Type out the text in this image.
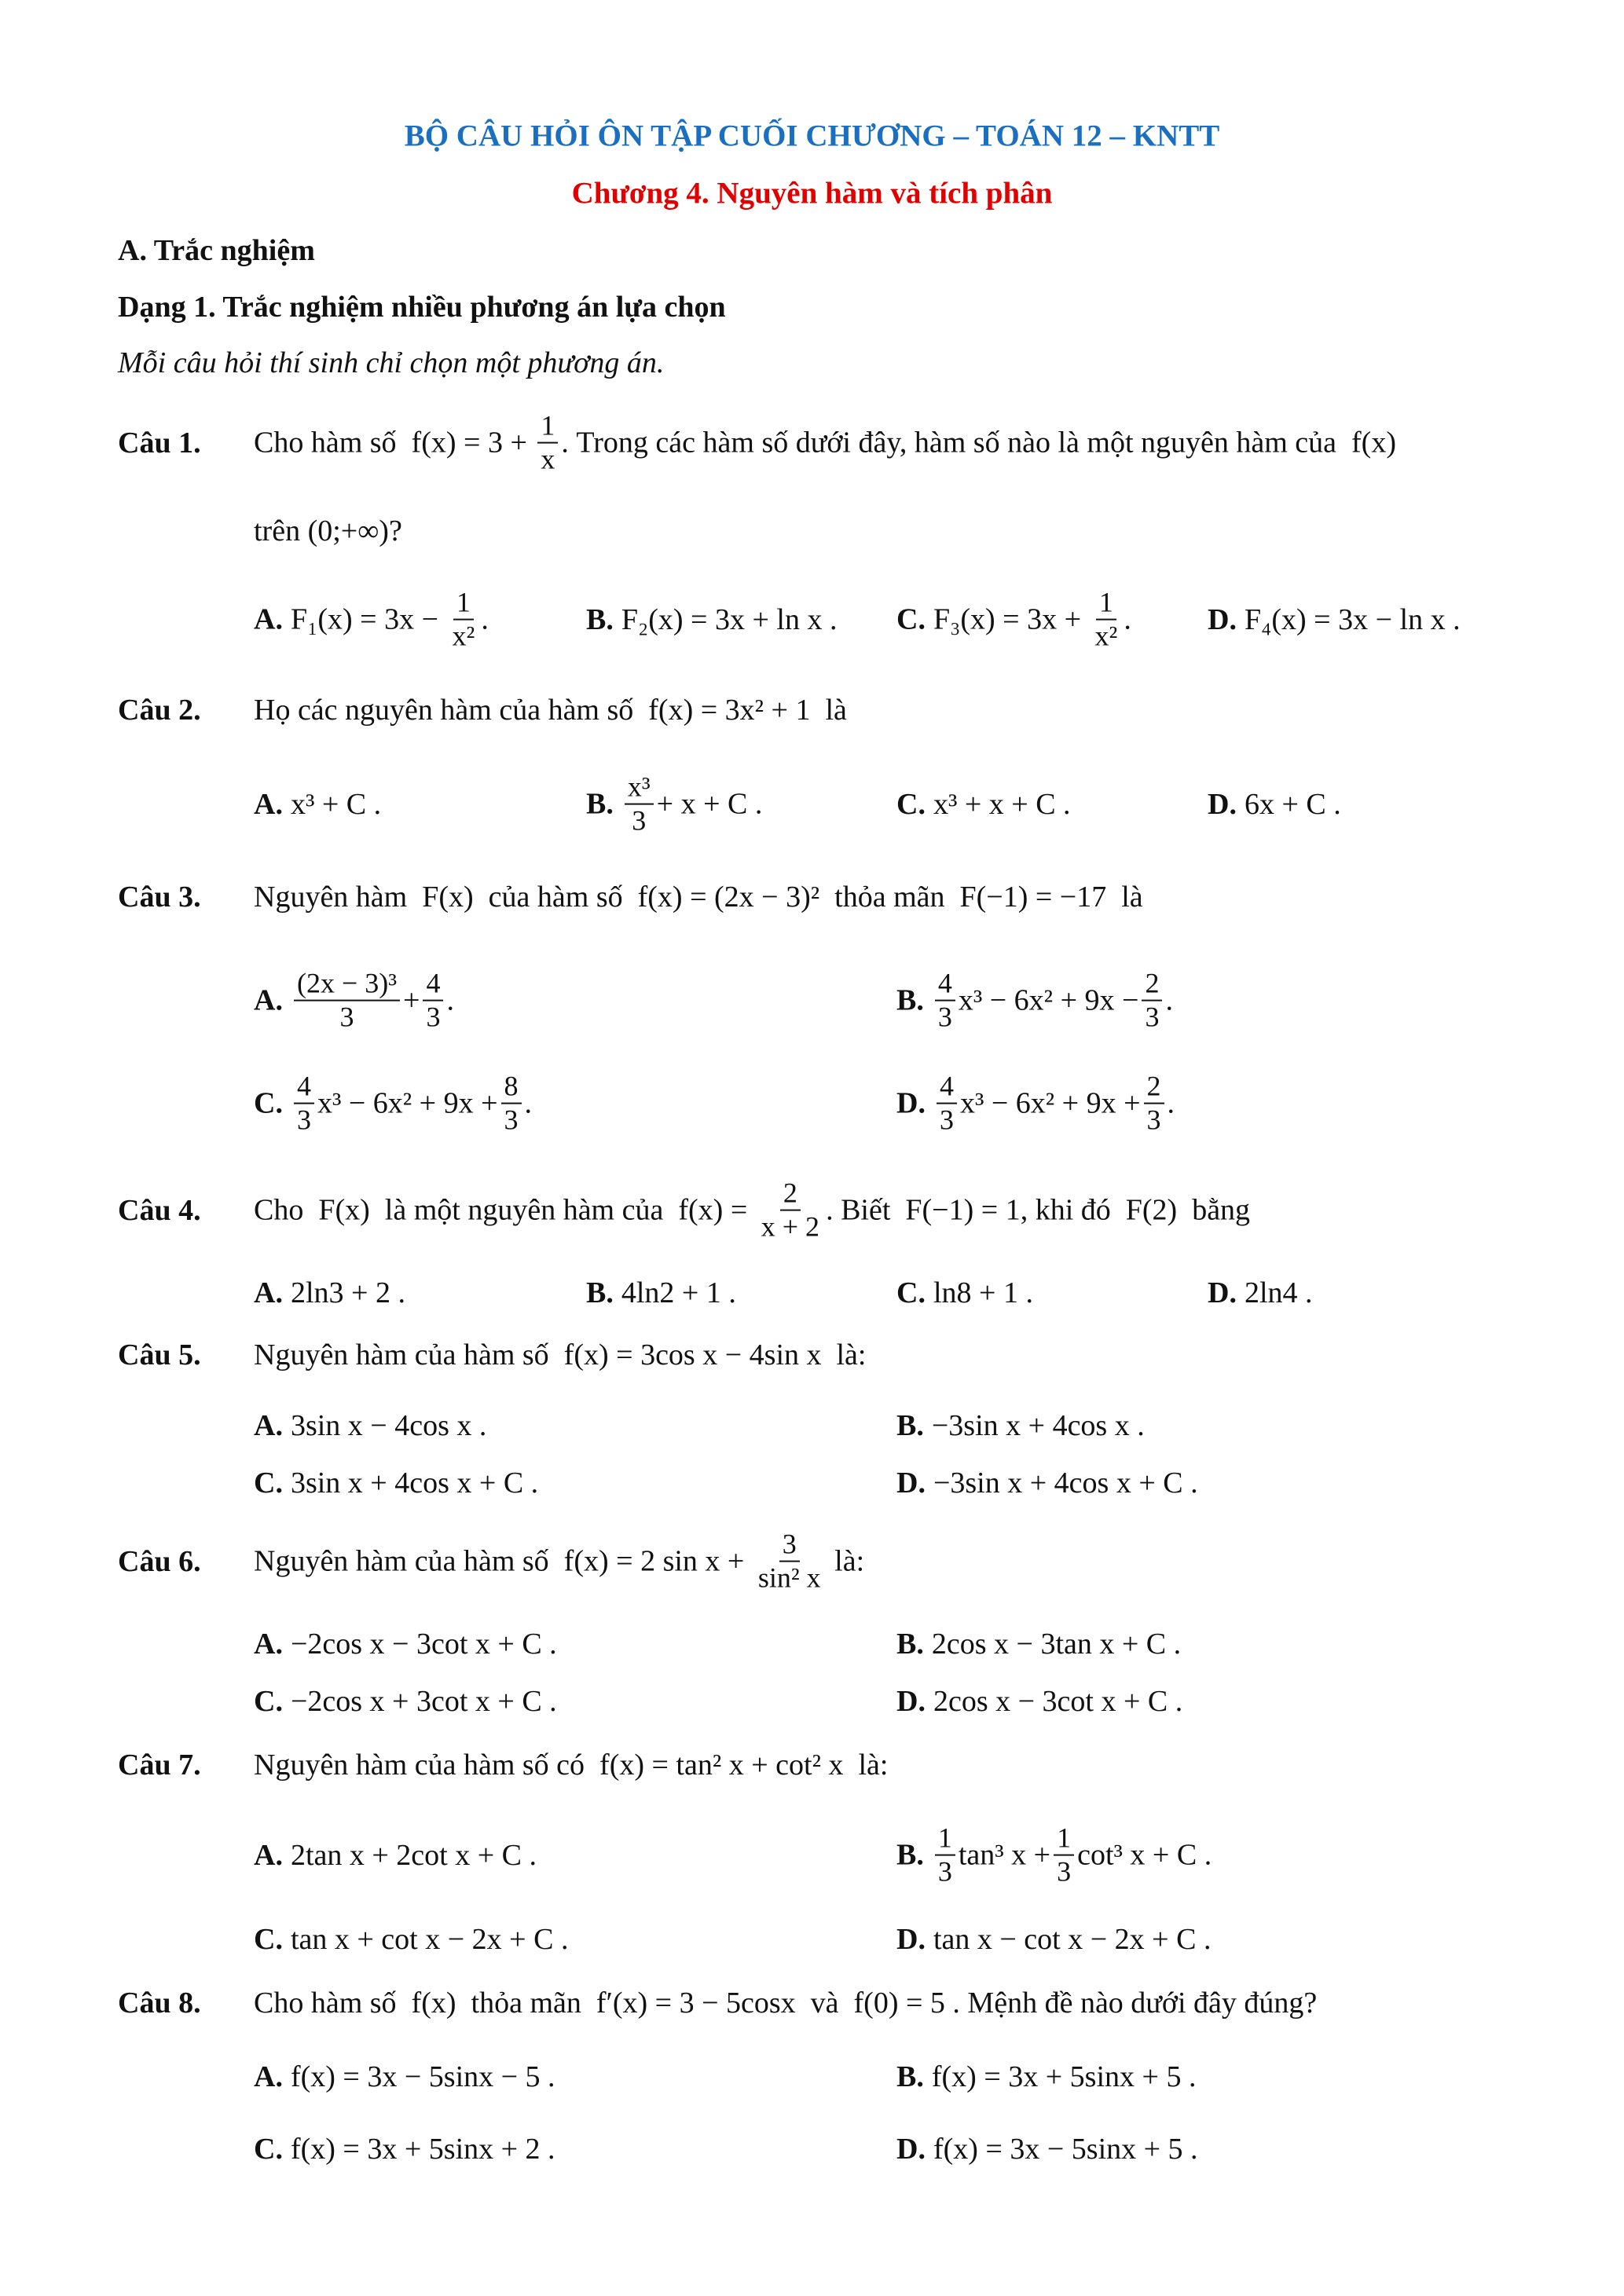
BỘ CÂU HỎI ÔN TẬP CUỐI CHƯƠNG – TOÁN 12 – KNTT
Chương 4. Nguyên hàm và tích phân
A. Trắc nghiệm
Dạng 1. Trắc nghiệm nhiều phương án lựa chọn
Mỗi câu hỏi thí sinh chỉ chọn một phương án.
Câu 1. Cho hàm số  $f(x) = 3 + \frac{1}{x}$ . Trong các hàm số dưới đây, hàm số nào là một nguyên hàm của  f(x)
trên (0;+∞)?
A. $F_1(x) = 3x - \frac{1}{\text{x²}}$ .	B. F₂(x) = 3x + ln x . C. $F_3(x) = 3x + \frac{1}{\text{x²}}$ .	D. F₄(x) = 3x − ln x .
Câu 2. Họ các nguyên hàm của hàm số  f(x) = 3x² + 1  là
A. x³ + C .	B. $\frac{\text{x³}}{3} + x + C$ .	C. x³ + x + C .	D. 6x + C .
Câu 3. Nguyên hàm  F(x)  của hàm số  f(x) = (2x − 3)²  thỏa mãn  F(−1) = −17  là
A. $\frac{\text{(2x − 3)³}}{3} + \frac{4}{3}$ .	B. $\frac{4}{3} x^3 - 6x^2 + 9x - \frac{2}{3}$ .
C. $\frac{4}{3} x^3 - 6x^2 + 9x + \frac{8}{3}$ .	D. $\frac{4}{3} x^3 - 6x^2 + 9x + \frac{2}{3}$ .
Câu 4. Cho  F(x)  là một nguyên hàm của  $f(x) = \frac{2}{x + 2}$ . Biết  F(−1) = 1, khi đó  F(2)  bằng
A. 2ln3 + 2 .	B. 4ln2 + 1 .	C. ln8 + 1 .	D. 2ln4 .
Câu 5. Nguyên hàm của hàm số  f(x) = 3cos x − 4sin x  là:
A. 3sin x − 4cos x .	B. −3sin x + 4cos x .
C. 3sin x + 4cos x + C .	D. −3sin x + 4cos x + C .
Câu 6. Nguyên hàm của hàm số  f(x) = 2 $\sin x + \frac{3}{\text{sin² x}}$ là:
A. −2cos x − 3cot x + C .	B. 2cos x − 3tan x + C .
C. −2cos x + 3cot x + C .	D. 2cos x − 3cot x + C .
Câu 7. Nguyên hàm của hàm số có  f(x) = tan² x + cot² x  là:
A. 2tan x + 2cot x + C .	B. $\frac{1}{3} \tan^3$ $x + \frac{1}{3} \cot^3$ x + C .
C. tan x + cot x − 2x + C .	D. tan x − cot x − 2x + C .
Câu 8. Cho hàm số  f(x)  thỏa mãn  f′(x) = 3 − 5cosx  và  f(0) = 5 . Mệnh đề nào dưới đây đúng?
A. f(x) = 3x − 5sinx − 5 .	B. f(x) = 3x + 5sinx + 5 .
C. f(x) = 3x + 5sinx + 2 .	D. f(x) = 3x − 5sinx + 5 .
